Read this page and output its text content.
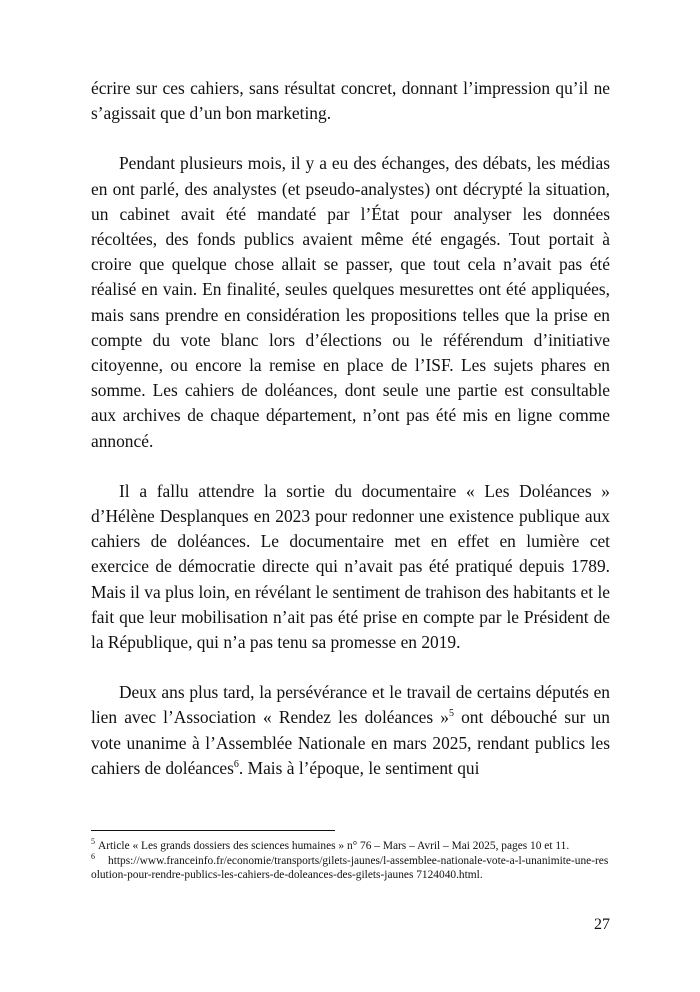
écrire sur ces cahiers, sans résultat concret, donnant l’impression qu’il ne s’agissait que d’un bon marketing.

Pendant plusieurs mois, il y a eu des échanges, des débats, les médias en ont parlé, des analystes (et pseudo-analystes) ont décrypté la situation, un cabinet avait été mandaté par l’État pour analyser les données récoltées, des fonds publics avaient même été engagés. Tout portait à croire que quelque chose allait se passer, que tout cela n’avait pas été réalisé en vain. En finalité, seules quelques mesurettes ont été appliquées, mais sans prendre en considération les propositions telles que la prise en compte du vote blanc lors d’élections ou le référendum d’initiative citoyenne, ou encore la remise en place de l’ISF. Les sujets phares en somme. Les cahiers de doléances, dont seule une partie est consultable aux archives de chaque département, n’ont pas été mis en ligne comme annoncé.

Il a fallu attendre la sortie du documentaire « Les Doléances » d’Hélène Desplanques en 2023 pour redonner une existence publique aux cahiers de doléances. Le documentaire met en effet en lumière cet exercice de démocratie directe qui n’avait pas été pratiqué depuis 1789. Mais il va plus loin, en révélant le sentiment de trahison des habitants et le fait que leur mobilisation n’ait pas été prise en compte par le Président de la République, qui n’a pas tenu sa promesse en 2019.

Deux ans plus tard, la persévérance et le travail de certains députés en lien avec l’Association « Rendez les doléances »$^5$ ont débouché sur un vote unanime à l’Assemblée Nationale en mars 2025, rendant publics les cahiers de doléances$^6$. Mais à l’époque, le sentiment qui

$^5$ Article « Les grands dossiers des sciences humaines » n° 76 – Mars – Avril – Mai 2025, pages 10 et 11.

$^6$ https://www.franceinfo.fr/economie/transports/gilets-jaunes/l-assemblee-nationale-vote-a-l-unanimite-une-resolution-pour-rendre-publics-les-cahiers-de-doleances-des-gilets-jaunes 7124040.html.

27
